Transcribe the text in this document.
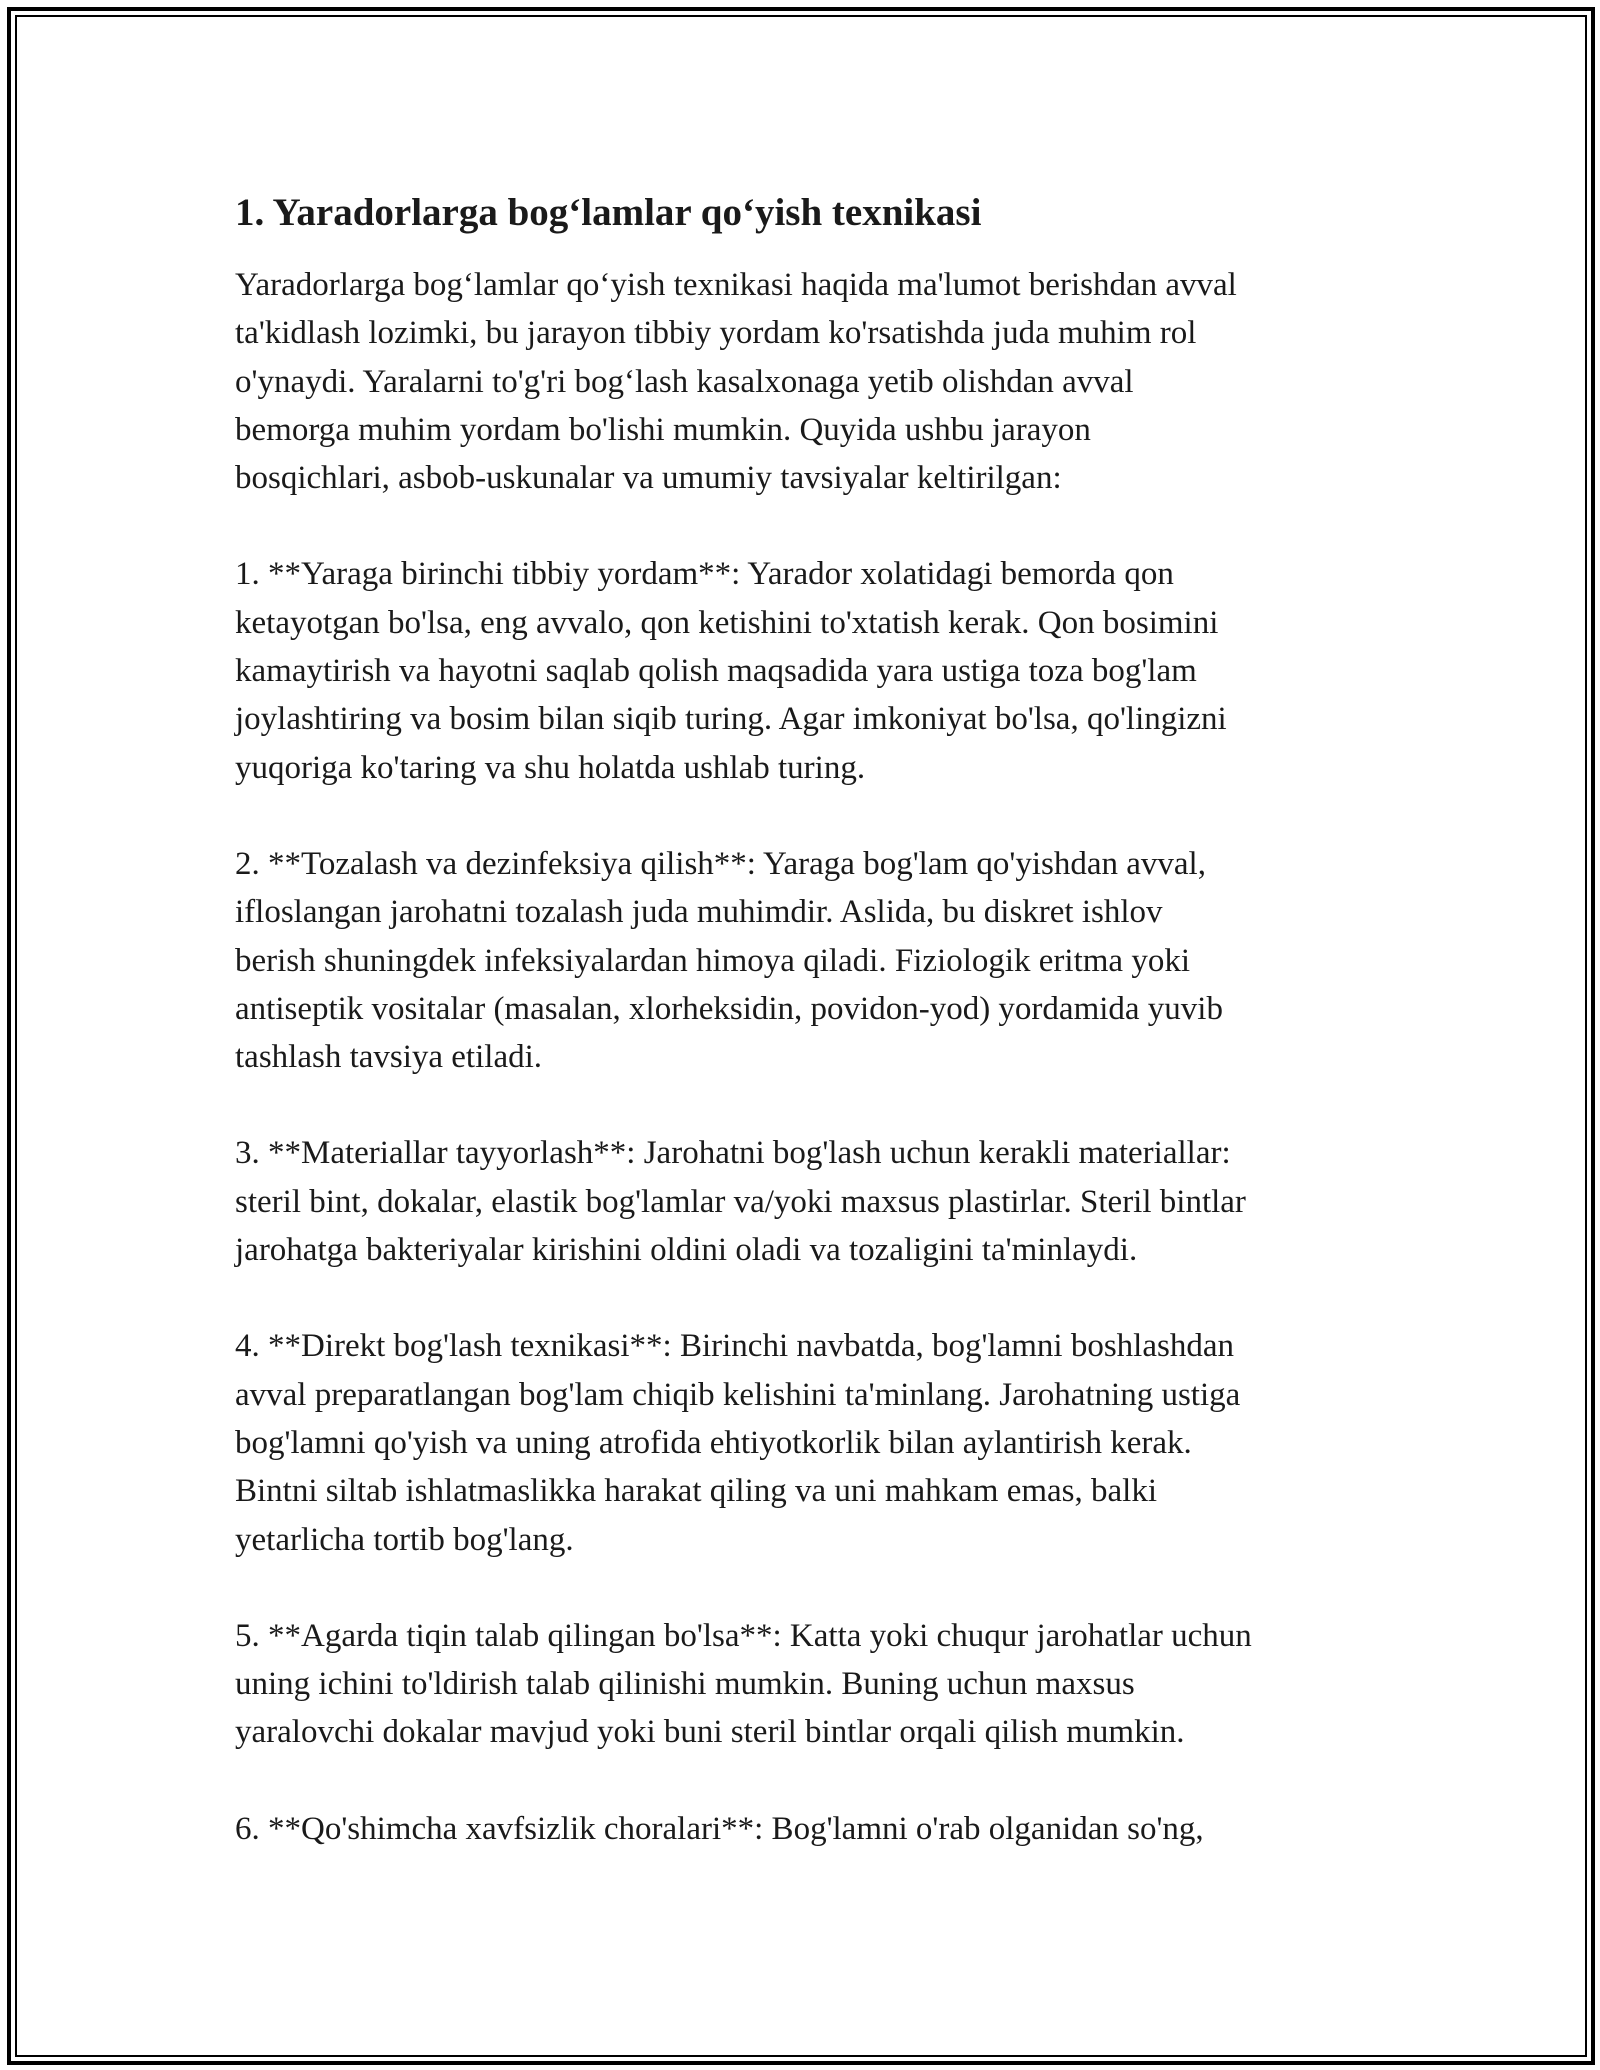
1. Yaradorlarga bog‘lamlar qo‘yish texnikasi
Yaradorlarga bog‘lamlar qo‘yish texnikasi haqida ma'lumot berishdan avval
ta'kidlash lozimki, bu jarayon tibbiy yordam ko'rsatishda juda muhim rol
o'ynaydi. Yaralarni to'g'ri bog‘lash kasalxonaga yetib olishdan avval
bemorga muhim yordam bo'lishi mumkin. Quyida ushbu jarayon
bosqichlari, asbob-uskunalar va umumiy tavsiyalar keltirilgan:
1. **Yaraga birinchi tibbiy yordam**: Yarador xolatidagi bemorda qon
ketayotgan bo'lsa, eng avvalo, qon ketishini to'xtatish kerak. Qon bosimini
kamaytirish va hayotni saqlab qolish maqsadida yara ustiga toza bog'lam
joylashtiring va bosim bilan siqib turing. Agar imkoniyat bo'lsa, qo'lingizni
yuqoriga ko'taring va shu holatda ushlab turing.
2. **Tozalash va dezinfeksiya qilish**: Yaraga bog'lam qo'yishdan avval,
ifloslangan jarohatni tozalash juda muhimdir. Aslida, bu diskret ishlov
berish shuningdek infeksiyalardan himoya qiladi. Fiziologik eritma yoki
antiseptik vositalar (masalan, xlorheksidin, povidon-yod) yordamida yuvib
tashlash tavsiya etiladi.
3. **Materiallar tayyorlash**: Jarohatni bog'lash uchun kerakli materiallar:
steril bint, dokalar, elastik bog'lamlar va/yoki maxsus plastirlar. Steril bintlar
jarohatga bakteriyalar kirishini oldini oladi va tozaligini ta'minlaydi.
4. **Direkt bog'lash texnikasi**: Birinchi navbatda, bog'lamni boshlashdan
avval preparatlangan bog'lam chiqib kelishini ta'minlang. Jarohatning ustiga
bog'lamni qo'yish va uning atrofida ehtiyotkorlik bilan aylantirish kerak.
Bintni siltab ishlatmaslikka harakat qiling va uni mahkam emas, balki
yetarlicha tortib bog'lang.
5. **Agarda tiqin talab qilingan bo'lsa**: Katta yoki chuqur jarohatlar uchun
uning ichini to'ldirish talab qilinishi mumkin. Buning uchun maxsus
yaralovchi dokalar mavjud yoki buni steril bintlar orqali qilish mumkin.
6. **Qo'shimcha xavfsizlik choralari**: Bog'lamni o'rab olganidan so'ng,
